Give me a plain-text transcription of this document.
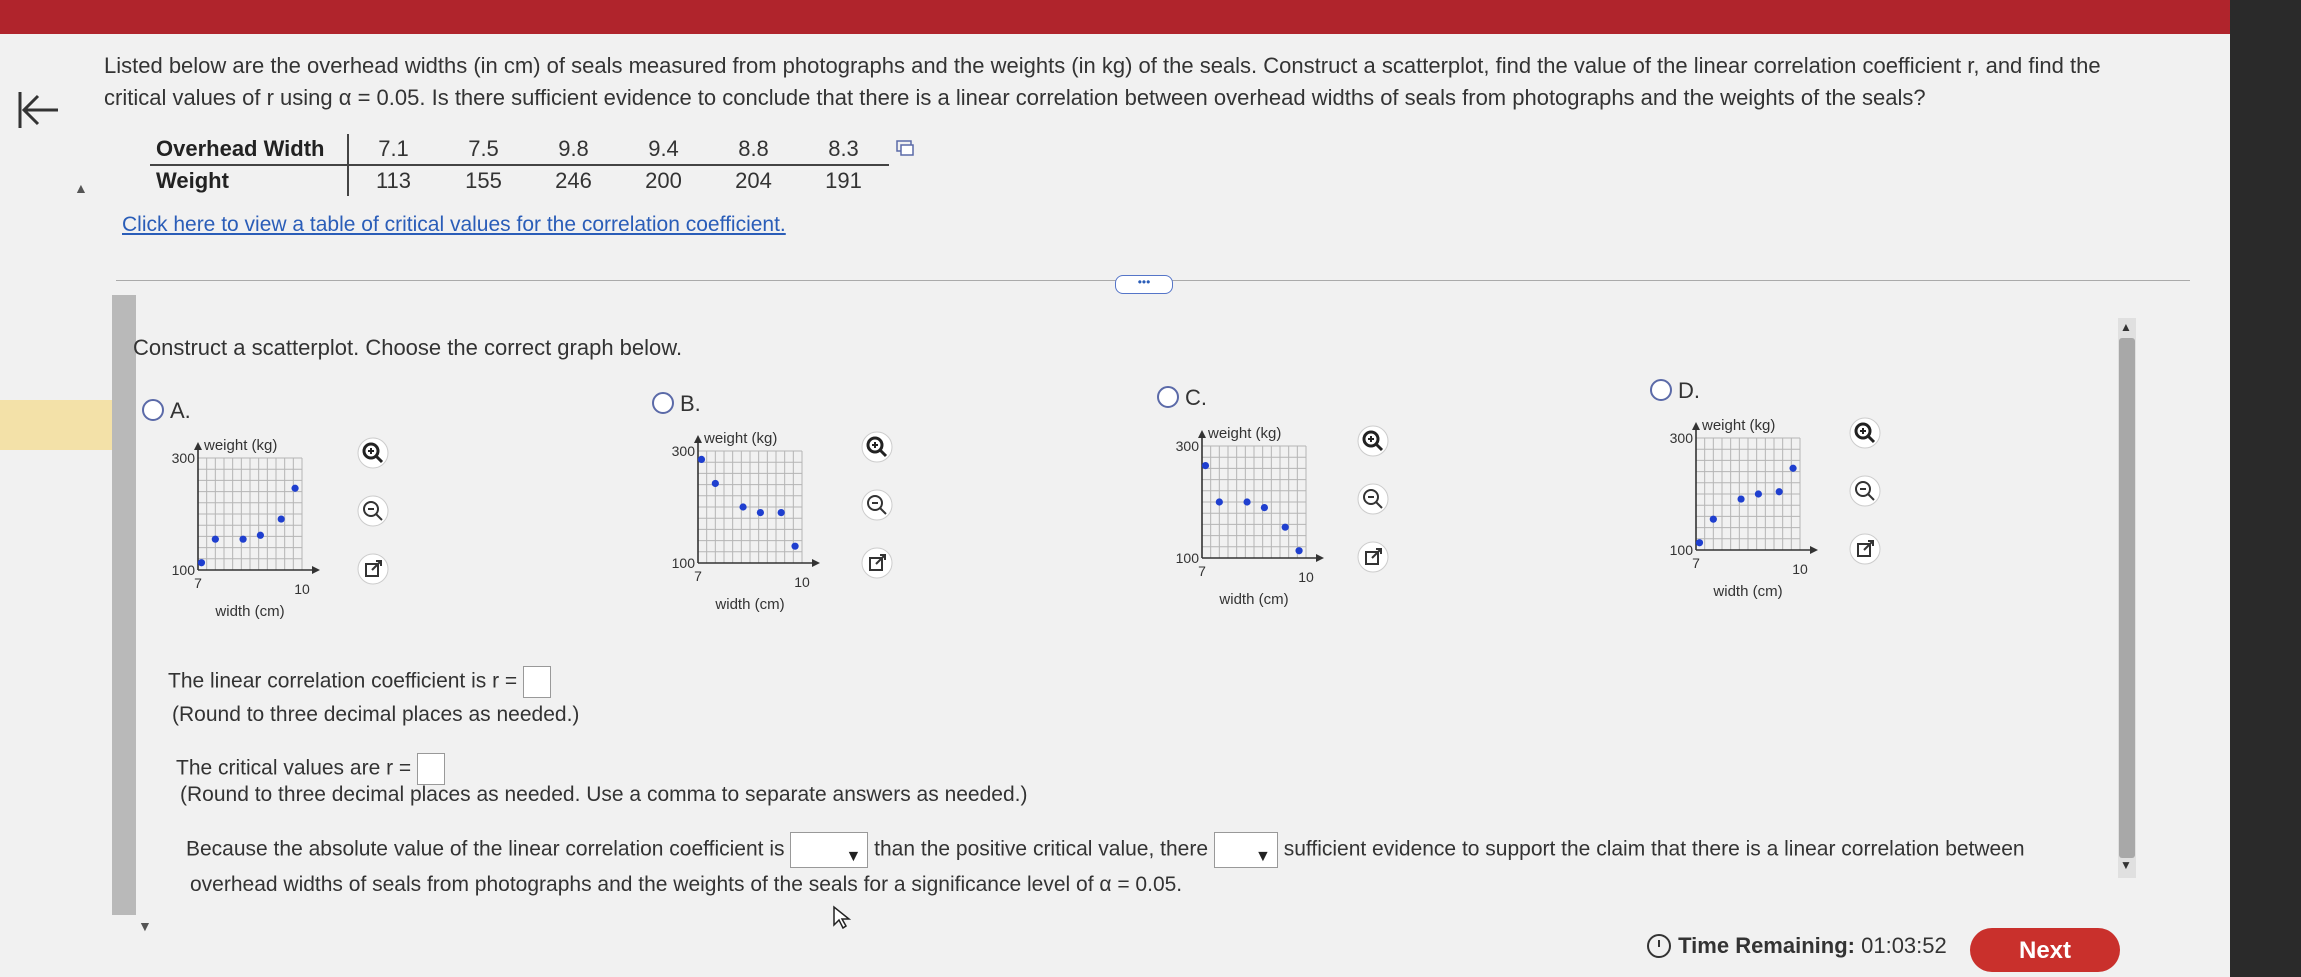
▲
▼
Listed below are the overhead widths (in cm) of seals measured from photographs and the weights (in kg) of the seals. Construct a scatterplot, find the value of the linear correlation coefficient r, and find the critical values of r using α = 0.05. Is there sufficient evidence to conclude that there is a linear correlation between overhead widths of seals from photographs and the weights of the seals?
Overhead Width	7.1	7.5	9.8	9.4	8.8	8.3
Weight	113	155	246	200	204	191
Click here to view a table of critical values for the correlation coefficient.
•••
Construct a scatterplot. Choose the correct graph below.
A.
weight (kg)
300
100
7	10
width (cm)
B.
weight (kg)
300
100
7	10
width (cm)
C.
weight (kg)
300
100
7	10
width (cm)
D.
weight (kg)
300
100
7	10
width (cm)
The linear correlation coefficient is r =
(Round to three decimal places as needed.)
The critical values are r =
(Round to three decimal places as needed. Use a comma to separate answers as needed.)
Because the absolute value of the linear correlation coefficient is	▼ than the positive critical value, there	▼ sufficient evidence to support the claim that there is a linear correlation between
overhead widths of seals from photographs and the weights of the seals for a significance level of α = 0.05.
▲
▼
Time Remaining: 01:03:52	Next
